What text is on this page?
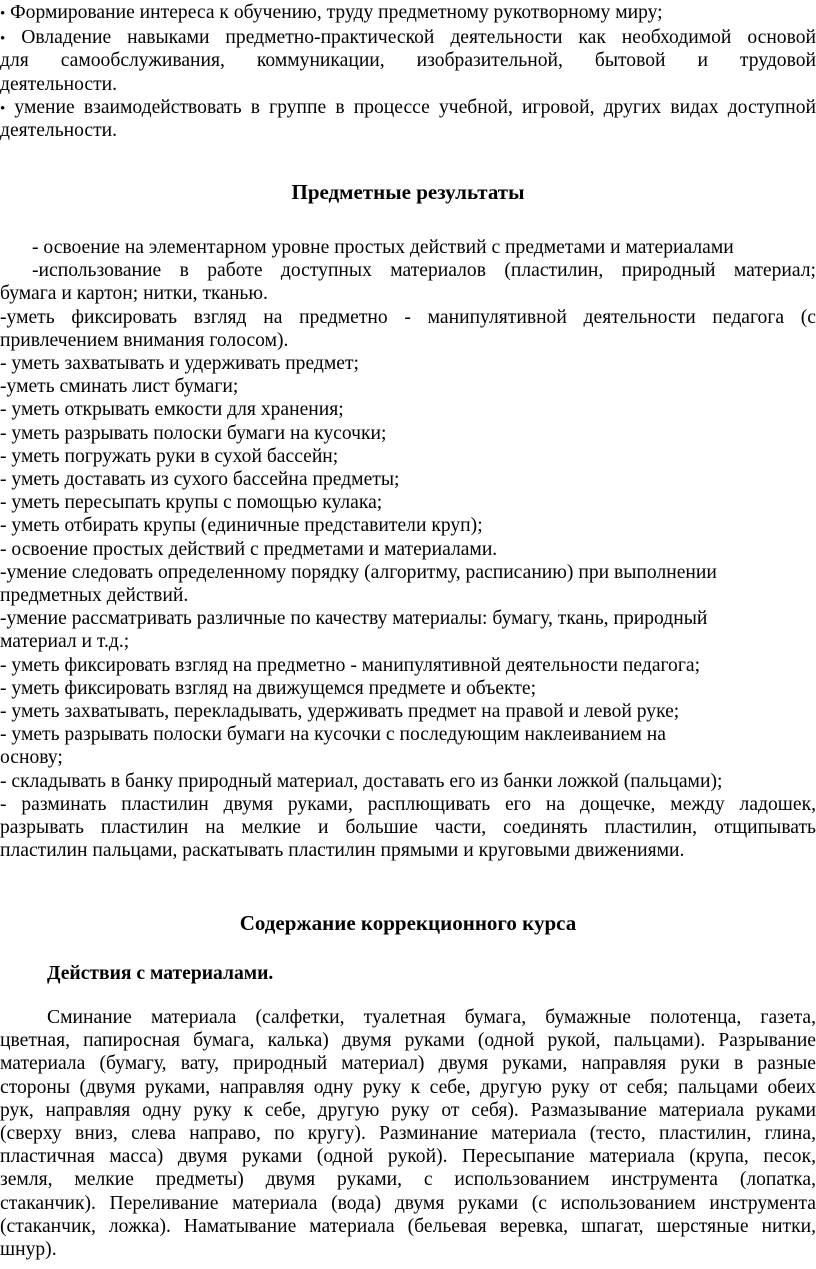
• Формирование интереса к обучению, труду предметному рукотворному миру;
• Овладение навыками предметно-практической деятельности как необходимой основой
для самообслуживания, коммуникации, изобразительной, бытовой и трудовой
деятельности.
• умение взаимодействовать в группе в процессе учебной, игровой, других видах доступной
деятельности.
Предметные результаты
- освоение на элементарном уровне простых действий с предметами и материалами
-использование в работе доступных материалов (пластилин, природный материал;
бумага и картон; нитки, тканью.
-уметь фиксировать взгляд на предметно - манипулятивной деятельности педагога (с
привлечением внимания голосом).
- уметь захватывать и удерживать предмет;
-уметь сминать лист бумаги;
- уметь открывать емкости для хранения;
- уметь разрывать полоски бумаги на кусочки;
- уметь погружать руки в сухой бассейн;
- уметь доставать из сухого бассейна предметы;
- уметь пересыпать крупы с помощью кулака;
- уметь отбирать крупы (единичные представители круп);
- освоение простых действий с предметами и материалами.
-умение следовать определенному порядку (алгоритму, расписанию) при выполнении
предметных действий.
-умение рассматривать различные по качеству материалы: бумагу, ткань, природный
материал и т.д.;
- уметь фиксировать взгляд на предметно - манипулятивной деятельности педагога;
- уметь фиксировать взгляд на движущемся предмете и объекте;
- уметь захватывать, перекладывать, удерживать предмет на правой и левой руке;
- уметь разрывать полоски бумаги на кусочки с последующим наклеиванием на
основу;
- складывать в банку природный материал, доставать его из банки ложкой (пальцами);
- разминать пластилин двумя руками, расплющивать его на дощечке, между ладошек,
разрывать пластилин на мелкие и большие части, соединять пластилин, отщипывать
пластилин пальцами, раскатывать пластилин прямыми и круговыми движениями.
Содержание коррекционного курса
Действия с материалами.
Сминание материала (салфетки, туалетная бумага, бумажные полотенца, газета,
цветная, папиросная бумага, калька) двумя руками (одной рукой, пальцами). Разрывание
материала (бумагу, вату, природный материал) двумя руками, направляя руки в разные
стороны (двумя руками, направляя одну руку к себе, другую руку от себя; пальцами обеих
рук, направляя одну руку к себе, другую руку от себя). Размазывание материала руками
(сверху вниз, слева направо, по кругу). Разминание материала (тесто, пластилин, глина,
пластичная масса) двумя руками (одной рукой). Пересыпание материала (крупа, песок,
земля, мелкие предметы) двумя руками, с использованием инструмента (лопатка,
стаканчик). Переливание материала (вода) двумя руками (с использованием инструмента
(стаканчик, ложка). Наматывание материала (бельевая веревка, шпагат, шерстяные нитки,
шнур).
